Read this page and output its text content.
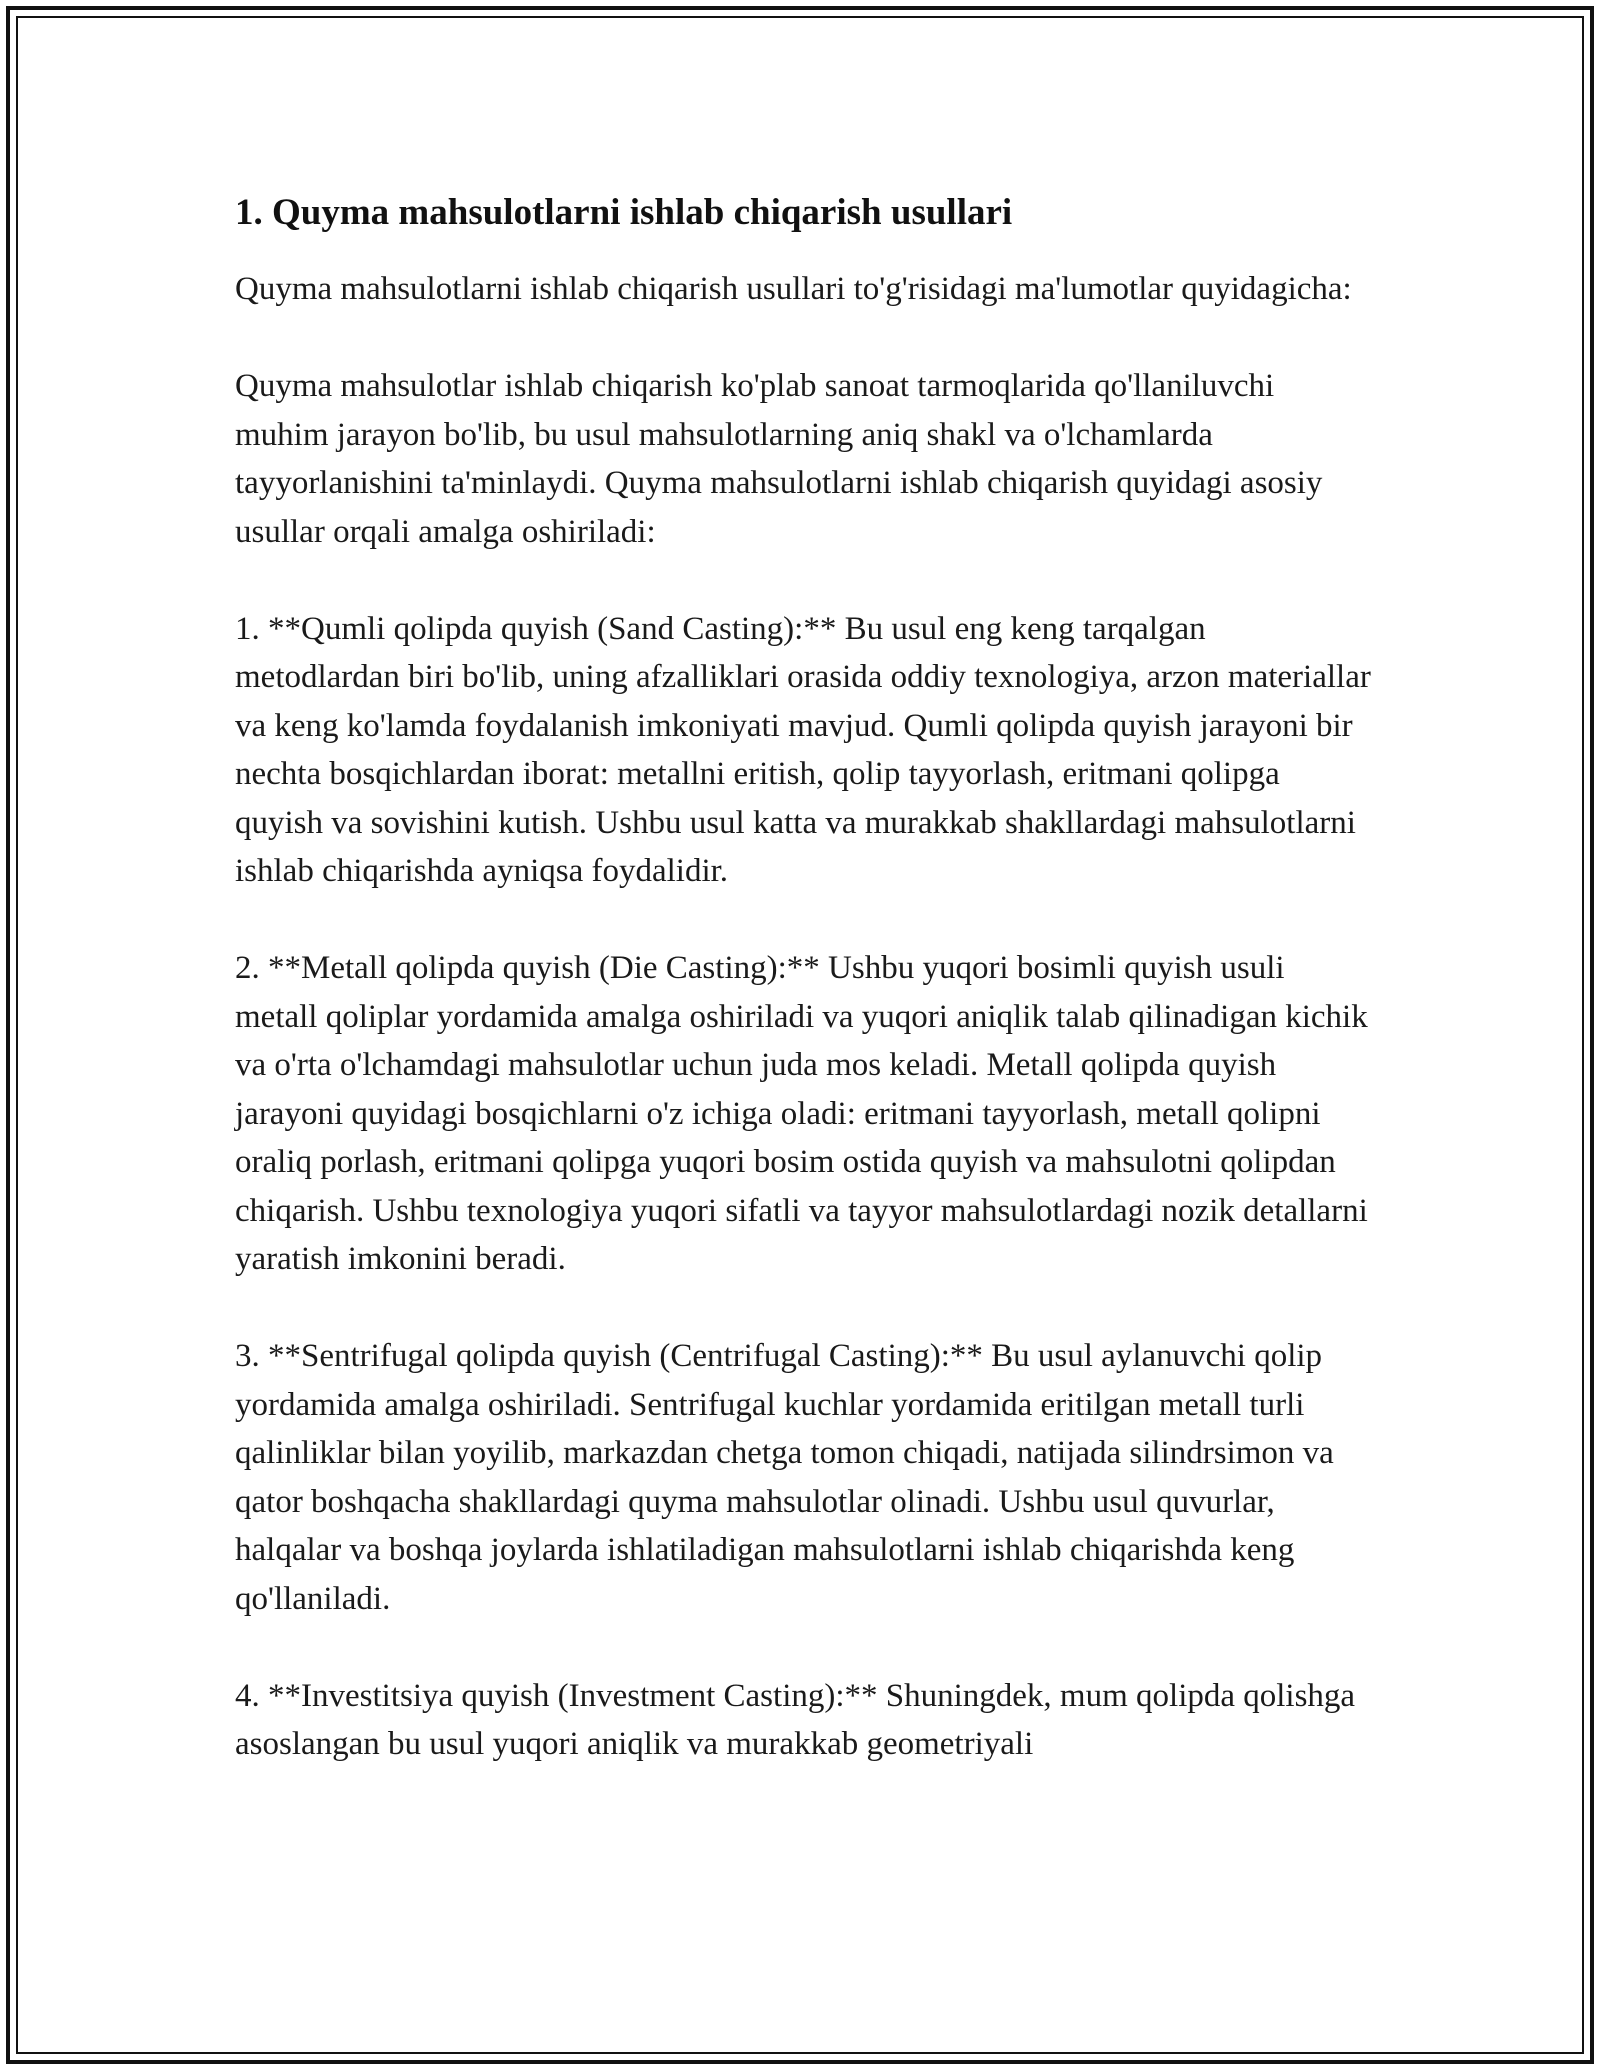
1. Quyma mahsulotlarni ishlab chiqarish usullari

Quyma mahsulotlarni ishlab chiqarish usullari to'g'risidagi ma'lumotlar quyidagicha:

Quyma mahsulotlar ishlab chiqarish ko'plab sanoat tarmoqlarida qo'llaniluvchi muhim jarayon bo'lib, bu usul mahsulotlarning aniq shakl va o'lchamlarda tayyorlanishini ta'minlaydi. Quyma mahsulotlarni ishlab chiqarish quyidagi asosiy usullar orqali amalga oshiriladi:

1. **Qumli qolipda quyish (Sand Casting):** Bu usul eng keng tarqalgan metodlardan biri bo'lib, uning afzalliklari orasida oddiy texnologiya, arzon materiallar va keng ko'lamda foydalanish imkoniyati mavjud. Qumli qolipda quyish jarayoni bir nechta bosqichlardan iborat: metallni eritish, qolip tayyorlash, eritmani qolipga quyish va sovishini kutish. Ushbu usul katta va murakkab shakllardagi mahsulotlarni ishlab chiqarishda ayniqsa foydalidir.

2. **Metall qolipda quyish (Die Casting):** Ushbu yuqori bosimli quyish usuli metall qoliplar yordamida amalga oshiriladi va yuqori aniqlik talab qilinadigan kichik va o'rta o'lchamdagi mahsulotlar uchun juda mos keladi. Metall qolipda quyish jarayoni quyidagi bosqichlarni o'z ichiga oladi: eritmani tayyorlash, metall qolipni oraliq porlash, eritmani qolipga yuqori bosim ostida quyish va mahsulotni qolipdan chiqarish. Ushbu texnologiya yuqori sifatli va tayyor mahsulotlardagi nozik detallarni yaratish imkonini beradi.

3. **Sentrifugal qolipda quyish (Centrifugal Casting):** Bu usul aylanuvchi qolip yordamida amalga oshiriladi. Sentrifugal kuchlar yordamida eritilgan metall turli qalinliklar bilan yoyilib, markazdan chetga tomon chiqadi, natijada silindrsimon va qator boshqacha shakllardagi quyma mahsulotlar olinadi. Ushbu usul quvurlar, halqalar va boshqa joylarda ishlatiladigan mahsulotlarni ishlab chiqarishda keng qo'llaniladi.

4. **Investitsiya quyish (Investment Casting):** Shuningdek, mum qolipda qolishga asoslangan bu usul yuqori aniqlik va murakkab geometriyali
